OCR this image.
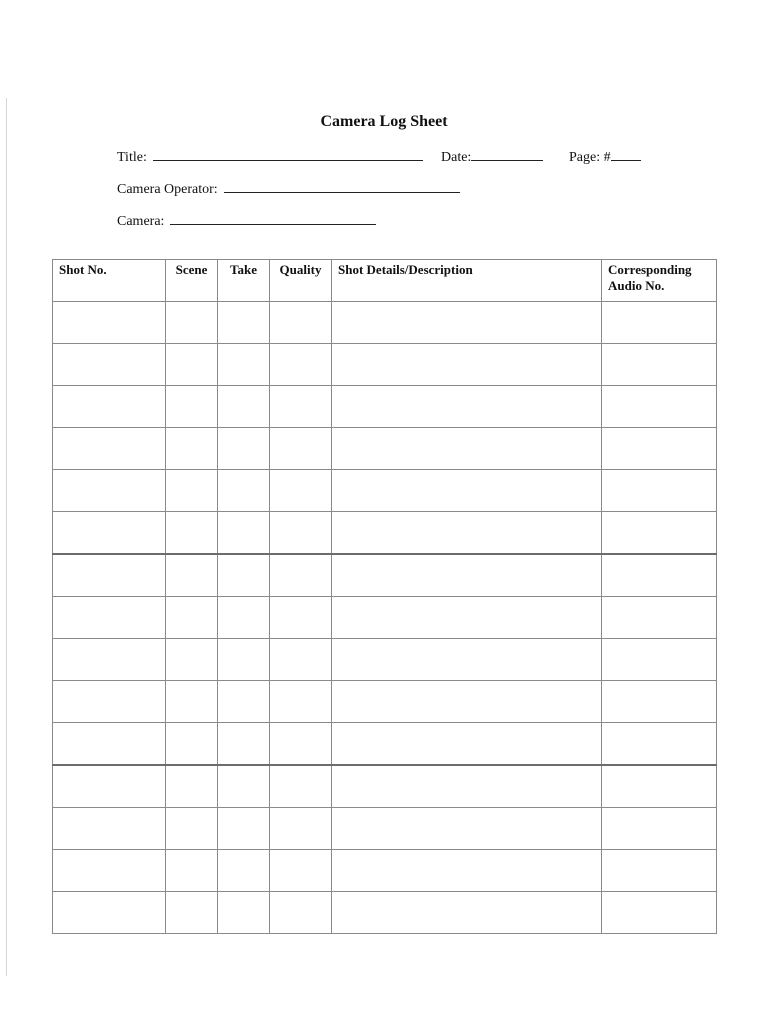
Camera Log Sheet
Title:	Date:	Page: #
Camera Operator:
Camera:
Shot No.	Scene	Take	Quality	Shot Details/Description	Corresponding Audio No.
